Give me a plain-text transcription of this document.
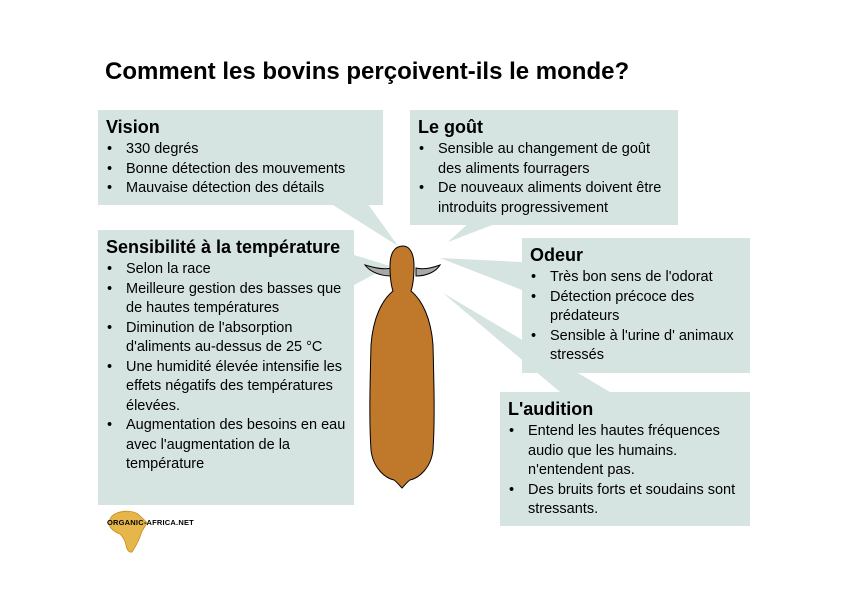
Comment les bovins perçoivent-ils le monde?
Vision
• 330 degrés
• Bonne détection des mouvements
• Mauvaise détection des détails
Le goût
• Sensible au changement de goût des aliments fourragers
• De nouveaux aliments doivent être introduits progressivement
Sensibilité à la température
• Selon la race
• Meilleure gestion des basses que de hautes températures
• Diminution de l'absorption d'aliments au-dessus de 25 °C
• Une humidité élevée intensifie les effets négatifs des températures élevées.
• Augmentation des besoins en eau avec l'augmentation de la température
Odeur
• Très bon sens de l'odorat
• Détection précoce des prédateurs
• Sensible à l'urine d' animaux stressés
L'audition
• Entend les hautes fréquences audio que les humains. n'entendent pas.
• Des bruits forts et soudains sont stressants.
ORGANIC-AFRICA.NET
